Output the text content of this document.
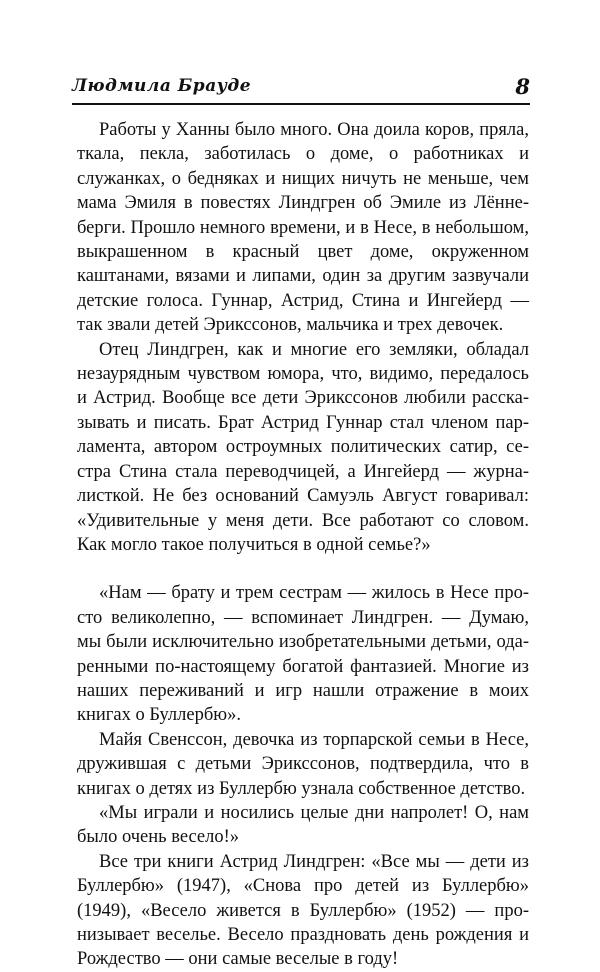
Людмила Брауде	8

Работы у Ханны было много. Она доила коров, пряла, ткала, пекла, заботилась о доме, о работниках и служанках, о бедняках и нищих ничуть не меньше, чем мама Эмиля в повестях Линдгрен об Эмиле из Лённеберги. Прошло немного времени, и в Несе, в небольшом, выкрашенном в красный цвет доме, окруженном каштанами, вязами и липами, один за другим зазвучали детские голоса. Гуннар, Астрид, Стина и Ингейерд — так звали детей Эрикссонов, мальчика и трех девочек.

Отец Линдгрен, как и многие его земляки, обладал незаурядным чувством юмора, что, видимо, передалось и Астрид. Вообще все дети Эрикссонов любили рассказывать и писать. Брат Астрид Гуннар стал членом парламента, автором остроумных политических сатир, сестра Стина стала переводчицей, а Ингейерд — журналисткой. Не без оснований Самуэль Август говаривал: «Удивительные у меня дети. Все работают со словом. Как могло такое получиться в одной семье?»

«Нам — брату и трем сестрам — жилось в Несе просто великолепно, — вспоминает Линдгрен. — Думаю, мы были исключительно изобретательными детьми, одаренными по-настоящему богатой фантазией. Многие из наших переживаний и игр нашли отражение в моих книгах о Буллербю».

Майя Свенссон, девочка из торпарской семьи в Несе, дружившая с детьми Эрикссонов, подтвердила, что в книгах о детях из Буллербю узнала собственное детство.

«Мы играли и носились целые дни напролет! О, нам было очень весело!»

Все три книги Астрид Линдгрен: «Все мы — дети из Буллербю» (1947), «Снова про детей из Буллербю» (1949), «Весело живется в Буллербю» (1952) — пронизывает веселье. Весело праздновать день рождения и Рождество — они самые веселые в году!
